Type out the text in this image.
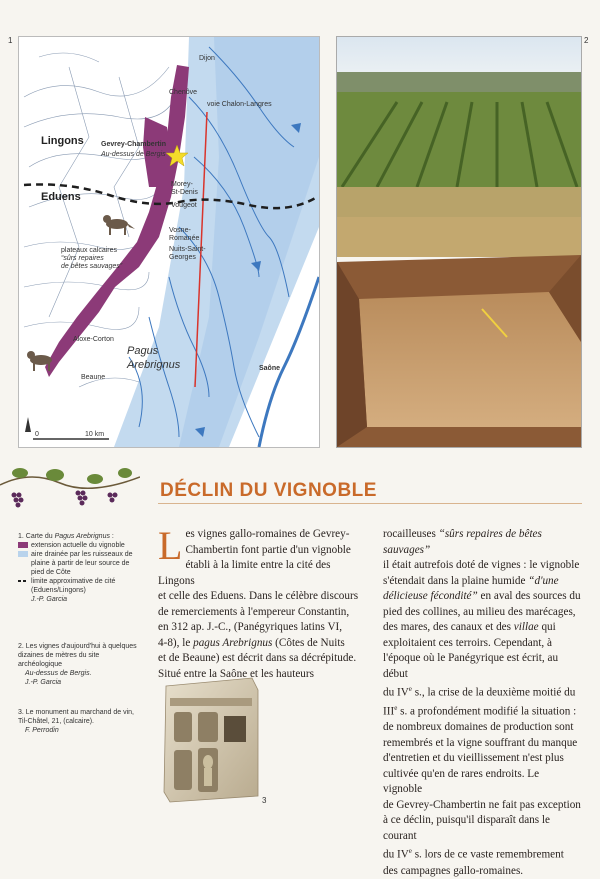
1	2
Dijon
Chenôve
voie Chalon-Langres
Lingons
Eduens
Gevrey-Chambertin
Au-dessus de Bergis
Morey-
St-Denis
Vougeot
Vosne-
Romanée
Nuits-Saint-
Georges
plateaux calcaires
“sûrs repaires
de bêtes sauvages”
Aloxe-Corton
Beaune
Pagus
Arebrignus	Saône
0	10 km
DÉCLIN DU VIGNOBLE
1. Carte du Pagus Arebrignus :
extension actuelle du vignoble
aire drainée par les ruisseaux de plaine à partir de leur source de pied de Côte
limite approximative de cité (Eduens/Lingons)
J.-P. Garcia
2. Les vignes d'aujourd'hui à quelques dizaines de mètres du site archéologique
Au-dessus de Bergis.
J.-P. Garcia
3. Le monument au marchand de vin, Til-Châtel, 21, (calcaire).
F. Perrodin
L es vignes gallo-romaines de Gevrey-
Chambertin font partie d'un vignoble
établi à la limite entre la cité des Lingons
et celle des Eduens. Dans le célèbre discours
de remerciements à l'empereur Constantin,
en 312 ap. J.-C., (Panégyriques latins VI,
4-8), le pagus Arebrignus (Côtes de Nuits
et de Beaune) est décrit dans sa décrépitude.
Situé entre la Saône et les hauteurs
3
rocailleuses “sûrs repaires de bêtes sauvages”
il était autrefois doté de vignes : le vignoble
s'étendait dans la plaine humide “d'une
délicieuse fécondité” en aval des sources du
pied des collines, au milieu des marécages,
des mares, des canaux et des villae qui
exploitaient ces terroirs. Cependant, à
l'époque où le Panégyrique est écrit, au début
du IVe s., la crise de la deuxième moitié du
IIIe s. a profondément modifié la situation :
de nombreux domaines de production sont
remembrés et la vigne souffrant du manque
d'entretien et du vieillissement n'est plus
cultivée qu'en de rares endroits. Le vignoble
de Gevrey-Chambertin ne fait pas exception
à ce déclin, puisqu'il disparaît dans le courant
du IVe s. lors de ce vaste remembrement
des campagnes gallo-romaines.
